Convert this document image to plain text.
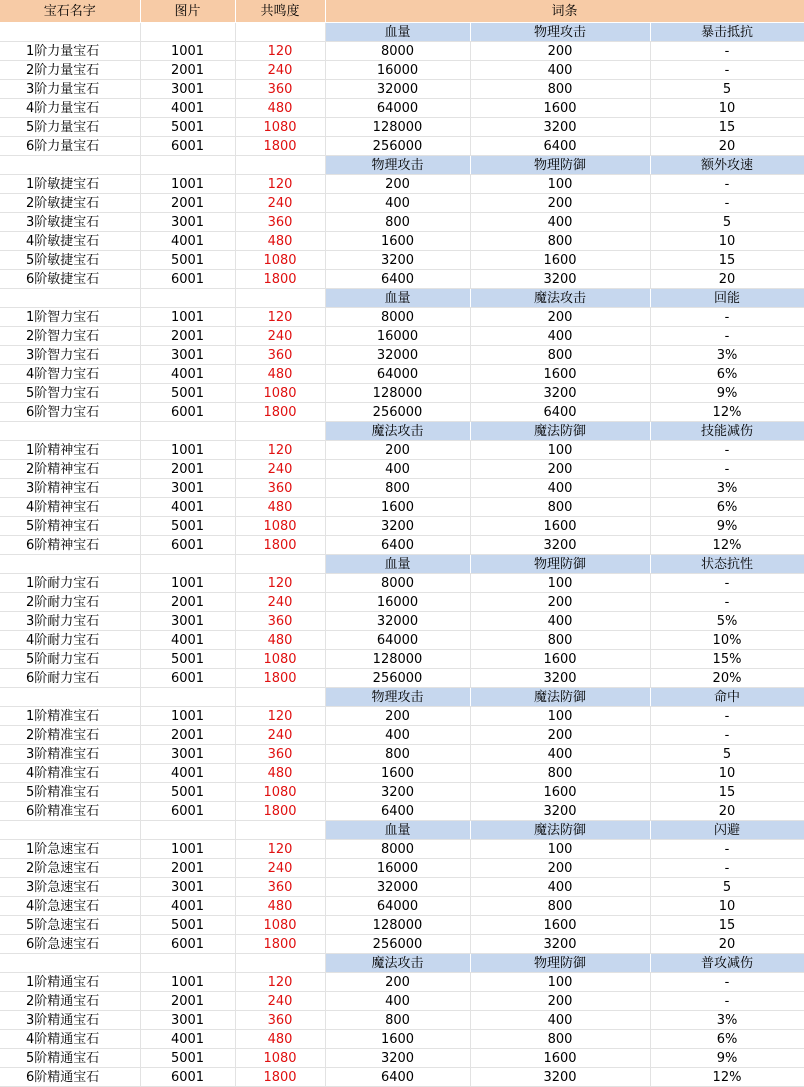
宝石名字	图片	共鸣度	词条		
			血量	物理攻击	暴击抵抗
1阶力量宝石	1001	120	8000	200	-
2阶力量宝石	2001	240	16000	400	-
3阶力量宝石	3001	360	32000	800	5
4阶力量宝石	4001	480	64000	1600	10
5阶力量宝石	5001	1080	128000	3200	15
6阶力量宝石	6001	1800	256000	6400	20
			物理攻击	物理防御	额外攻速
1阶敏捷宝石	1001	120	200	100	-
2阶敏捷宝石	2001	240	400	200	-
3阶敏捷宝石	3001	360	800	400	5
4阶敏捷宝石	4001	480	1600	800	10
5阶敏捷宝石	5001	1080	3200	1600	15
6阶敏捷宝石	6001	1800	6400	3200	20
			血量	魔法攻击	回能
1阶智力宝石	1001	120	8000	200	-
2阶智力宝石	2001	240	16000	400	-
3阶智力宝石	3001	360	32000	800	3%
4阶智力宝石	4001	480	64000	1600	6%
5阶智力宝石	5001	1080	128000	3200	9%
6阶智力宝石	6001	1800	256000	6400	12%
			魔法攻击	魔法防御	技能减伤
1阶精神宝石	1001	120	200	100	-
2阶精神宝石	2001	240	400	200	-
3阶精神宝石	3001	360	800	400	3%
4阶精神宝石	4001	480	1600	800	6%
5阶精神宝石	5001	1080	3200	1600	9%
6阶精神宝石	6001	1800	6400	3200	12%
			血量	物理防御	状态抗性
1阶耐力宝石	1001	120	8000	100	-
2阶耐力宝石	2001	240	16000	200	-
3阶耐力宝石	3001	360	32000	400	5%
4阶耐力宝石	4001	480	64000	800	10%
5阶耐力宝石	5001	1080	128000	1600	15%
6阶耐力宝石	6001	1800	256000	3200	20%
			物理攻击	魔法防御	命中
1阶精准宝石	1001	120	200	100	-
2阶精准宝石	2001	240	400	200	-
3阶精准宝石	3001	360	800	400	5
4阶精准宝石	4001	480	1600	800	10
5阶精准宝石	5001	1080	3200	1600	15
6阶精准宝石	6001	1800	6400	3200	20
			血量	魔法防御	闪避
1阶急速宝石	1001	120	8000	100	-
2阶急速宝石	2001	240	16000	200	-
3阶急速宝石	3001	360	32000	400	5
4阶急速宝石	4001	480	64000	800	10
5阶急速宝石	5001	1080	128000	1600	15
6阶急速宝石	6001	1800	256000	3200	20
			魔法攻击	物理防御	普攻减伤
1阶精通宝石	1001	120	200	100	-
2阶精通宝石	2001	240	400	200	-
3阶精通宝石	3001	360	800	400	3%
4阶精通宝石	4001	480	1600	800	6%
5阶精通宝石	5001	1080	3200	1600	9%
6阶精通宝石	6001	1800	6400	3200	12%
